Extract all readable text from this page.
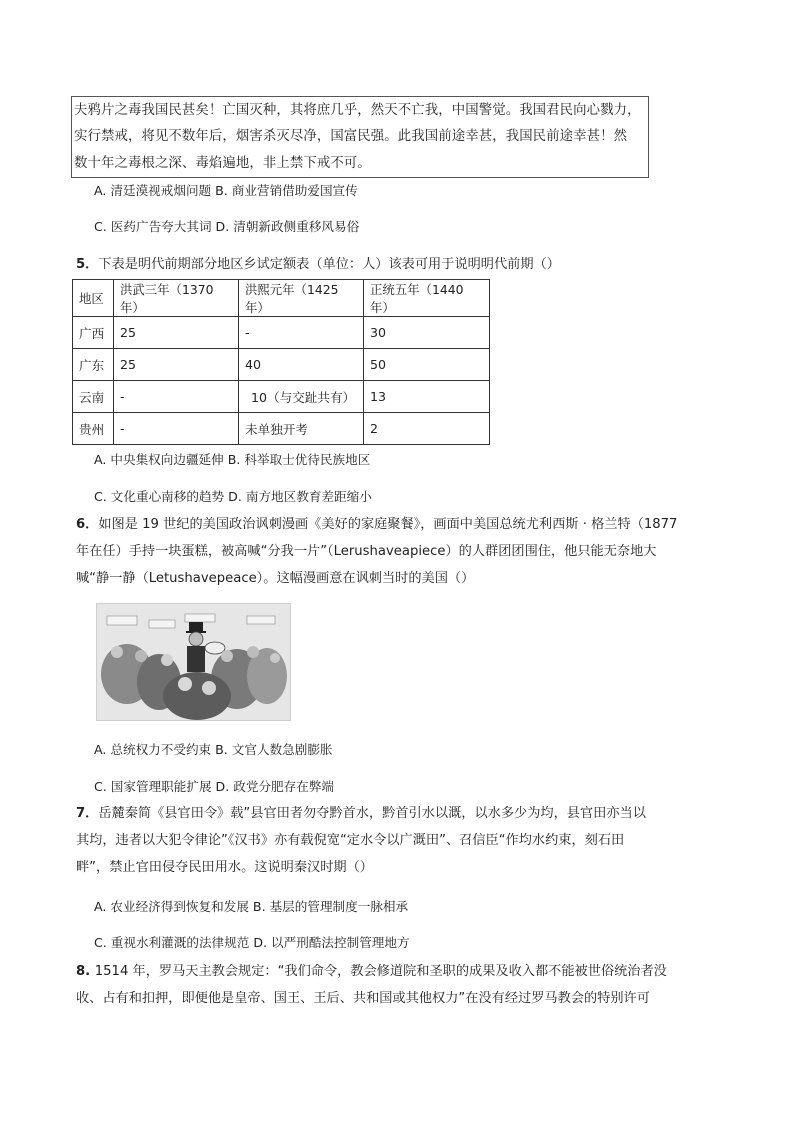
夫鸦片之毒我国民甚矣！亡国灭种，其将庶几乎，然天不亡我，中国警觉。我国君民向心戮力，
实行禁戒，将见不数年后，烟害杀灭尽净，国富民强。此我国前途幸甚，我国民前途幸甚！然
数十年之毒根之深、毒焰遍地，非上禁下戒不可。
A. 清廷漠视戒烟问题 B. 商业营销借助爱国宣传
C. 医药广告夸大其词 D. 清朝新政侧重移风易俗
5．下表是明代前期部分地区乡试定额表（单位：人）该表可用于说明明代前期（）
地区	洪武三年（1370 年）	洪熙元年（1425 年）	正统五年（1440 年）
广西	25	-	30
广东	25	40	50
云南	-	10（与交趾共有）	13
贵州	-	未单独开考	2
A. 中央集权向边疆延伸 B. 科举取士优待民族地区
C. 文化重心南移的趋势 D. 南方地区教育差距缩小
6．如图是 19 世纪的美国政治讽刺漫画《美好的家庭聚餐》，画面中美国总统尤利西斯 · 格兰特（1877
年在任）手持一块蛋糕，被高喊“分我一片”（Lerushaveapiece）的人群团团围住，他只能无奈地大
喊“静一静（Letushavepeace）。这幅漫画意在讽刺当时的美国（）
A. 总统权力不受约束 B. 文官人数急剧膨胀
C. 国家管理职能扩展 D. 政党分肥存在弊端
7．岳麓秦简《县官田令》载”县官田者勿夺黔首水，黔首引水以溉，以水多少为均，县官田亦当以
其均，违者以大犯令律论”《汉书》亦有载倪宽“定水令以广溉田”、召信臣“作均水约束，刻石田
畔”，禁止官田侵夺民田用水。这说明秦汉时期（）
A. 农业经济得到恢复和发展 B. 基层的管理制度一脉相承
C. 重视水利灌溉的法律规范 D. 以严刑酷法控制管理地方
8. 1514 年，罗马天主教会规定：“我们命令，教会修道院和圣职的成果及收入都不能被世俗统治者没
收、占有和扣押，即便他是皇帝、国王、王后、共和国或其他权力”在没有经过罗马教会的特别许可
